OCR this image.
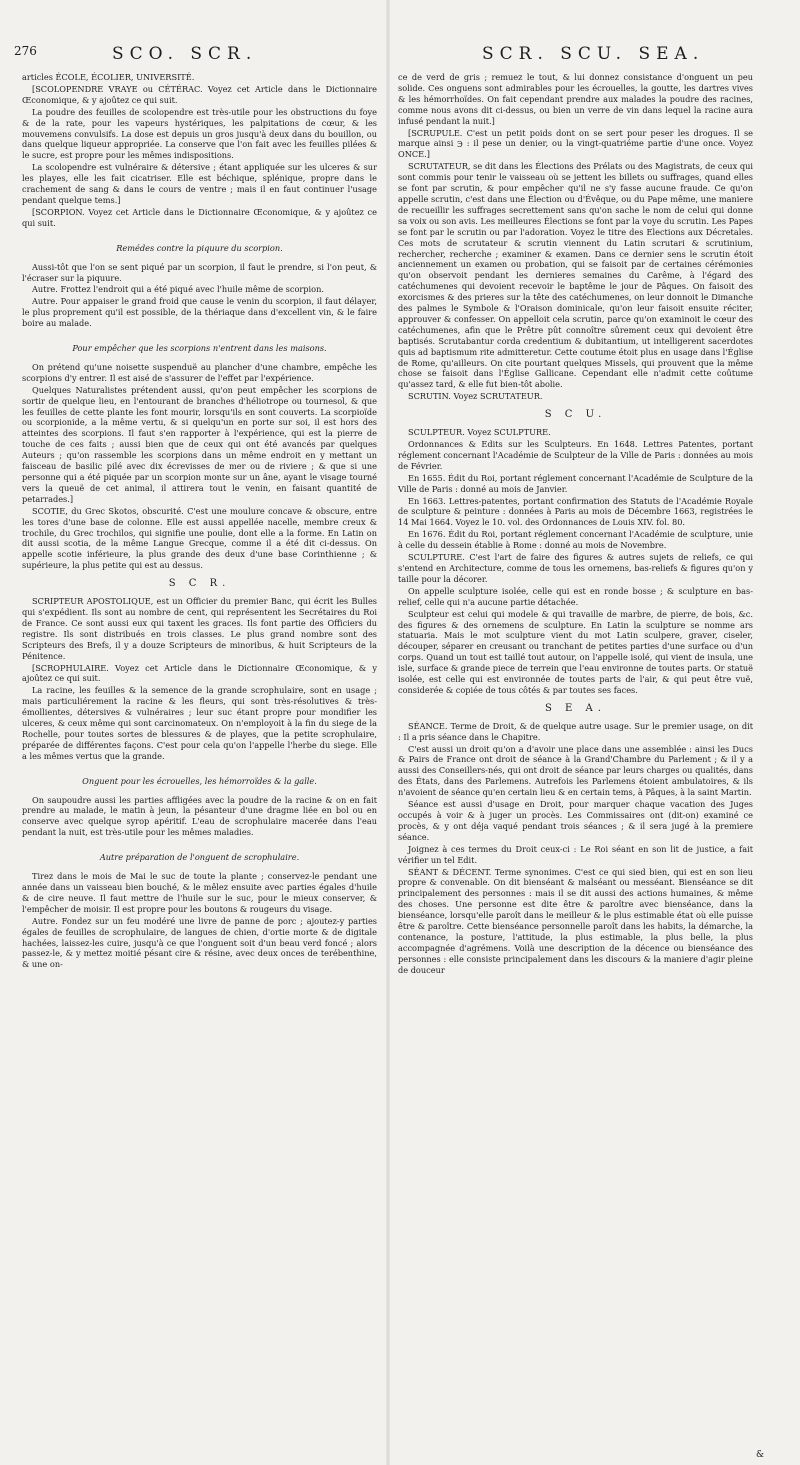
276	SCO. SCR.	SCR. SCU. SEA.

articles ÉCOLE, ÉCOLIER, UNIVERSITÉ.

[SCOLOPENDRE VRAYE ou CÉTÉRAC. Voyez cet Article dans le Dictionnaire Œconomique, & y ajoûtez ce qui suit.

La poudre des feuilles de scolopendre est très-utile pour les obstructions du foye & de la rate, pour les vapeurs hystériques, les palpitations de cœur, & les mouvemens convulsifs. La dose est depuis un gros jusqu'à deux dans du bouillon, ou dans quelque liqueur appropriée. La conserve que l'on fait avec les feuilles pilées & le sucre, est propre pour les mêmes indispositions.

La scolopendre est vulnéraire & détersive ; étant appliquée sur les ulceres & sur les playes, elle les fait cicatriser. Elle est béchique, splénique, propre dans le crachement de sang & dans le cours de ventre ; mais il en faut continuer l'usage pendant quelque tems.]

[SCORPION. Voyez cet Article dans le Dictionnaire Œconomique, & y ajoûtez ce qui suit.

Remédes contre la piquure du scorpion.

Aussi-tôt que l'on se sent piqué par un scorpion, il faut le prendre, si l'on peut, & l'écraser sur la piquure.

Autre. Frottez l'endroit qui a été piqué avec l'huile même de scorpion.

Autre. Pour appaiser le grand froid que cause le venin du scorpion, il faut délayer, le plus proprement qu'il est possible, de la thériaque dans d'excellent vin, & le faire boire au malade.

Pour empêcher que les scorpions n'entrent dans les maisons.

On prétend qu'une noisette suspenduë au plancher d'une chambre, empêche les scorpions d'y entrer. Il est aisé de s'assurer de l'effet par l'expérience.

Quelques Naturalistes prétendent aussi, qu'on peut empêcher les scorpions de sortir de quelque lieu, en l'entourant de branches d'héliotrope ou tournesol, & que les feuilles de cette plante les font mourir, lorsqu'ils en sont couverts. La scorpioïde ou scorpionide, a la même vertu, & si quelqu'un en porte sur soi, il est hors des atteintes des scorpions. Il faut s'en rapporter à l'expérience, qui est la pierre de touche de ces faits ; aussi bien que de ceux qui ont été avancés par quelques Auteurs ; qu'on rassemble les scorpions dans un même endroit en y mettant un faisceau de basilic pilé avec dix écrevisses de mer ou de riviere ; & que si une personne qui a été piquée par un scorpion monte sur un âne, ayant le visage tourné vers la queuë de cet animal, il attirera tout le venin, en faisant quantité de petarrades.]

SCOTIE, du Grec Skotos, obscurité. C'est une moulure concave & obscure, entre les tores d'une base de colonne. Elle est aussi appellée nacelle, membre creux & trochile, du Grec trochilos, qui signifie une poulie, dont elle a la forme. En Latin on dit aussi scotia, de la même Langue Grecque, comme il a été dit ci-dessus. On appelle scotie inférieure, la plus grande des deux d'une base Corinthienne ; & supérieure, la plus petite qui est au dessus.

S C R.

SCRIPTEUR APOSTOLIQUE, est un Officier du premier Banc, qui écrit les Bulles qui s'expédient. Ils sont au nombre de cent, qui représentent les Secrétaires du Roi de France. Ce sont aussi eux qui taxent les graces. Ils font partie des Officiers du registre. Ils sont distribués en trois classes. Le plus grand nombre sont des Scripteurs des Brefs, il y a douze Scripteurs de minoribus, & huit Scripteurs de la Pénitence.

[SCROPHULAIRE. Voyez cet Article dans le Dictionnaire Œconomique, & y ajoûtez ce qui suit.

La racine, les feuilles & la semence de la grande scrophulaire, sont en usage ; mais particuliérement la racine & les fleurs, qui sont très-résolutives & très-émollientes, détersives & vulnéraires ; leur suc étant propre pour mondifier les ulceres, & ceux même qui sont carcinomateux. On n'employoit à la fin du siege de la Rochelle, pour toutes sortes de blessures & de playes, que la petite scrophulaire, préparée de différentes façons. C'est pour cela qu'on l'appelle l'herbe du siege. Elle a les mêmes vertus que la grande.

Onguent pour les écrouelles, les hémorroïdes & la galle.

On saupoudre aussi les parties affligées avec la poudre de la racine & on en fait prendre au malade, le matin à jeun, la pésanteur d'une dragme liée en bol ou en conserve avec quelque syrop apéritif. L'eau de scrophulaire macerée dans l'eau pendant la nuit, est très-utile pour les mêmes maladies.

Autre préparation de l'onguent de scrophulaire.

Tirez dans le mois de Mai le suc de toute la plante ; conservez-le pendant une année dans un vaisseau bien bouché, & le mêlez ensuite avec parties égales d'huile & de cire neuve. Il faut mettre de l'huile sur le suc, pour le mieux conserver, & l'empêcher de moisir. Il est propre pour les boutons & rougeurs du visage.

Autre. Fondez sur un feu modéré une livre de panne de porc ; ajoutez-y parties égales de feuilles de scrophulaire, de langues de chien, d'ortie morte & de digitale hachées, laissez-les cuire, jusqu'à ce que l'onguent soit d'un beau verd foncé ; alors passez-le, & y mettez moitié pésant cire & résine, avec deux onces de terébenthine, & une on-

ce de verd de gris ; remuez le tout, & lui donnez consistance d'onguent un peu solide. Ces onguens sont admirables pour les écrouelles, la goutte, les dartres vives & les hémorrhoïdes. On fait cependant prendre aux malades la poudre des racines, comme nous avons dit ci-dessus, ou bien un verre de vin dans lequel la racine aura infusé pendant la nuit.]

[SCRUPULE. C'est un petit poids dont on se sert pour peser les drogues. Il se marque ainsi ℈ : il pese un denier, ou la vingt-quatriéme partie d'une once. Voyez ONCE.]

SCRUTATEUR, se dit dans les Élections des Prélats ou des Magistrats, de ceux qui sont commis pour tenir le vaisseau où se jettent les billets ou suffrages, quand elles se font par scrutin, & pour empêcher qu'il ne s'y fasse aucune fraude. Ce qu'on appelle scrutin, c'est dans une Élection ou d'Évêque, ou du Pape même, une maniere de recueillir les suffrages secrettement sans qu'on sache le nom de celui qui donne sa voix ou son avis. Les meilleures Élections se font par la voye du scrutin. Les Papes se font par le scrutin ou par l'adoration. Voyez le titre des Elections aux Décretales. Ces mots de scrutateur & scrutin viennent du Latin scrutari & scrutinium, rechercher, recherche ; examiner & examen. Dans ce dernier sens le scrutin étoit anciennement un examen ou probation, qui se faisoit par de certaines cérémonies qu'on observoit pendant les dernieres semaines du Carême, à l'égard des catéchumenes qui devoient recevoir le baptême le jour de Pâques. On faisoit des exorcismes & des prieres sur la tête des catéchumenes, on leur donnoit le Dimanche des palmes le Symbole & l'Oraison dominicale, qu'on leur faisoit ensuite réciter, approuver & confesser. On appelloit cela scrutin, parce qu'on examinoit le cœur des catéchumenes, afin que le Prêtre pût connoître sûrement ceux qui devoient être baptisés. Scrutabantur corda credentium & dubitantium, ut intelligerent sacerdotes quis ad baptismum rite admitteretur. Cette coutume étoit plus en usage dans l'Église de Rome, qu'ailleurs. On cite pourtant quelques Missels, qui prouvent que la même chose se faisoit dans l'Église Gallicane. Cependant elle n'admit cette coûtume qu'assez tard, & elle fut bien-tôt abolie.

SCRUTIN. Voyez SCRUTATEUR.

S C U.

SCULPTEUR. Voyez SCULPTURE.

Ordonnances & Edits sur les Sculpteurs. En 1648. Lettres Patentes, portant réglement concernant l'Académie de Sculpteur de la Ville de Paris : données au mois de Février.

En 1655. Édit du Roi, portant réglement concernant l'Académie de Sculpture de la Ville de Paris : donné au mois de Janvier.

En 1663. Lettres-patentes, portant confirmation des Statuts de l'Académie Royale de sculpture & peinture : données à Paris au mois de Décembre 1663, registrées le 14 Mai 1664. Voyez le 10. vol. des Ordonnances de Louis XIV. fol. 80.

En 1676. Édit du Roi, portant réglement concernant l'Académie de sculpture, unie à celle du dessein établie à Rome : donné au mois de Novembre.

SCULPTURE. C'est l'art de faire des figures & autres sujets de reliefs, ce qui s'entend en Architecture, comme de tous les ornemens, bas-reliefs & figures qu'on y taille pour la décorer.

On appelle sculpture isolée, celle qui est en ronde bosse ; & sculpture en bas-relief, celle qui n'a aucune partie détachée.

Sculpteur est celui qui modele & qui travaille de marbre, de pierre, de bois, &c. des figures & des ornemens de sculpture. En Latin la sculpture se nomme ars statuaria. Mais le mot sculpture vient du mot Latin sculpere, graver, ciseler, découper, séparer en creusant ou tranchant de petites parties d'une surface ou d'un corps. Quand un tout est taillé tout autour, on l'appelle isolé, qui vient de insula, une isle, surface & grande piece de terrein que l'eau environne de toutes parts. Or statuë isolée, est celle qui est environnée de toutes parts de l'air, & qui peut être vuë, considerée & copiée de tous côtés & par toutes ses faces.

S E A.

SÉANCE. Terme de Droit, & de quelque autre usage. Sur le premier usage, on dit : Il a pris séance dans le Chapitre.

C'est aussi un droit qu'on a d'avoir une place dans une assemblée : ainsi les Ducs & Pairs de France ont droit de séance à la Grand'Chambre du Parlement ; & il y a aussi des Conseillers-nés, qui ont droit de séance par leurs charges ou qualités, dans des États, dans des Parlemens. Autrefois les Parlemens étoient ambulatoires, & ils n'avoient de séance qu'en certain lieu & en certain tems, à Pâques, à la saint Martin.

Séance est aussi d'usage en Droit, pour marquer chaque vacation des Juges occupés à voir & à juger un procès. Les Commissaires ont (dit-on) examiné ce procès, & y ont déja vaqué pendant trois séances ; & il sera jugé à la premiere séance.

Joignez à ces termes du Droit ceux-ci : Le Roi séant en son lit de justice, a fait vérifier un tel Edit.

SÉANT & DÉCENT. Terme synonimes. C'est ce qui sied bien, qui est en son lieu propre & convenable. On dit bienséant & malséant ou messéant. Bienséance se dit principalement des personnes : mais il se dit aussi des actions humaines, & même des choses. Une personne est dite être & paroître avec bienséance, dans la bienséance, lorsqu'elle paroît dans le meilleur & le plus estimable état où elle puisse être & paroître. Cette bienséance personnelle paroît dans les habits, la démarche, la contenance, la posture, l'attitude, la plus estimable, la plus belle, la plus accompagnée d'agrémens. Voilà une description de la décence ou bienséance des personnes : elle consiste principalement dans les discours & la maniere d'agir pleine de douceur

&
